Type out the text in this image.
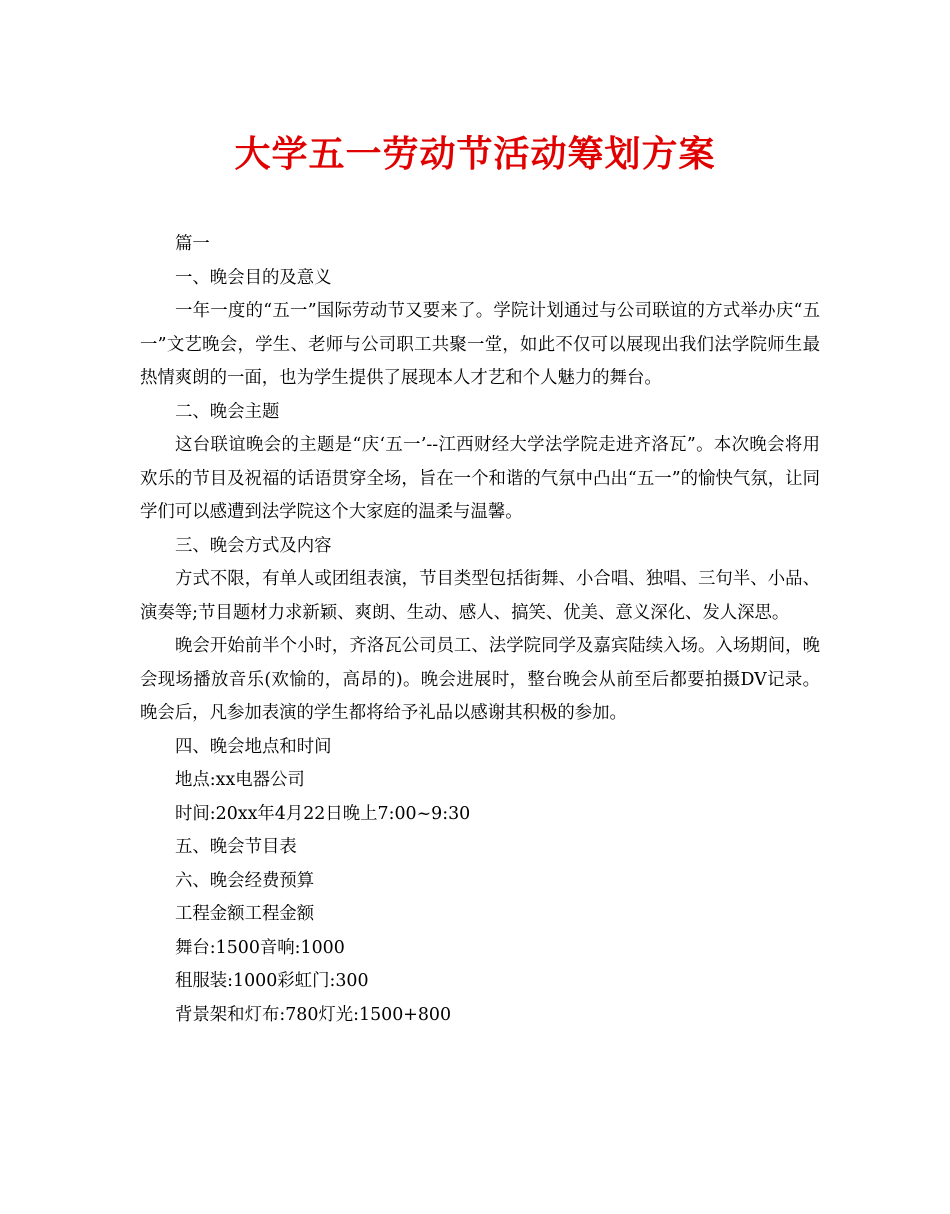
大学五一劳动节活动筹划方案

篇一

一、晚会目的及意义

一年一度的“五一”国际劳动节又要来了。学院计划通过与公司联谊的方式举办庆“五一”文艺晚会，学生、老师与公司职工共聚一堂，如此不仅可以展现出我们法学院师生最热情爽朗的一面，也为学生提供了展现本人才艺和个人魅力的舞台。

二、晚会主题

这台联谊晚会的主题是“庆‘五一’--江西财经大学法学院走进齐洛瓦”。本次晚会将用欢乐的节目及祝福的话语贯穿全场，旨在一个和谐的气氛中凸出“五一”的愉快气氛，让同学们可以感遭到法学院这个大家庭的温柔与温馨。

三、晚会方式及内容

方式不限，有单人或团组表演，节目类型包括街舞、小合唱、独唱、三句半、小品、演奏等;节目题材力求新颖、爽朗、生动、感人、搞笑、优美、意义深化、发人深思。

晚会开始前半个小时，齐洛瓦公司员工、法学院同学及嘉宾陆续入场。入场期间，晚会现场播放音乐(欢愉的，高昂的)。晚会进展时，整台晚会从前至后都要拍摄DV记录。晚会后，凡参加表演的学生都将给予礼品以感谢其积极的参加。

四、晚会地点和时间

地点:xx电器公司

时间:20xx年4月22日晚上7:00~9:30

五、晚会节目表

六、晚会经费预算

工程金额工程金额

舞台:1500音响:1000

租服装:1000彩虹门:300

背景架和灯布:780灯光:1500+800
